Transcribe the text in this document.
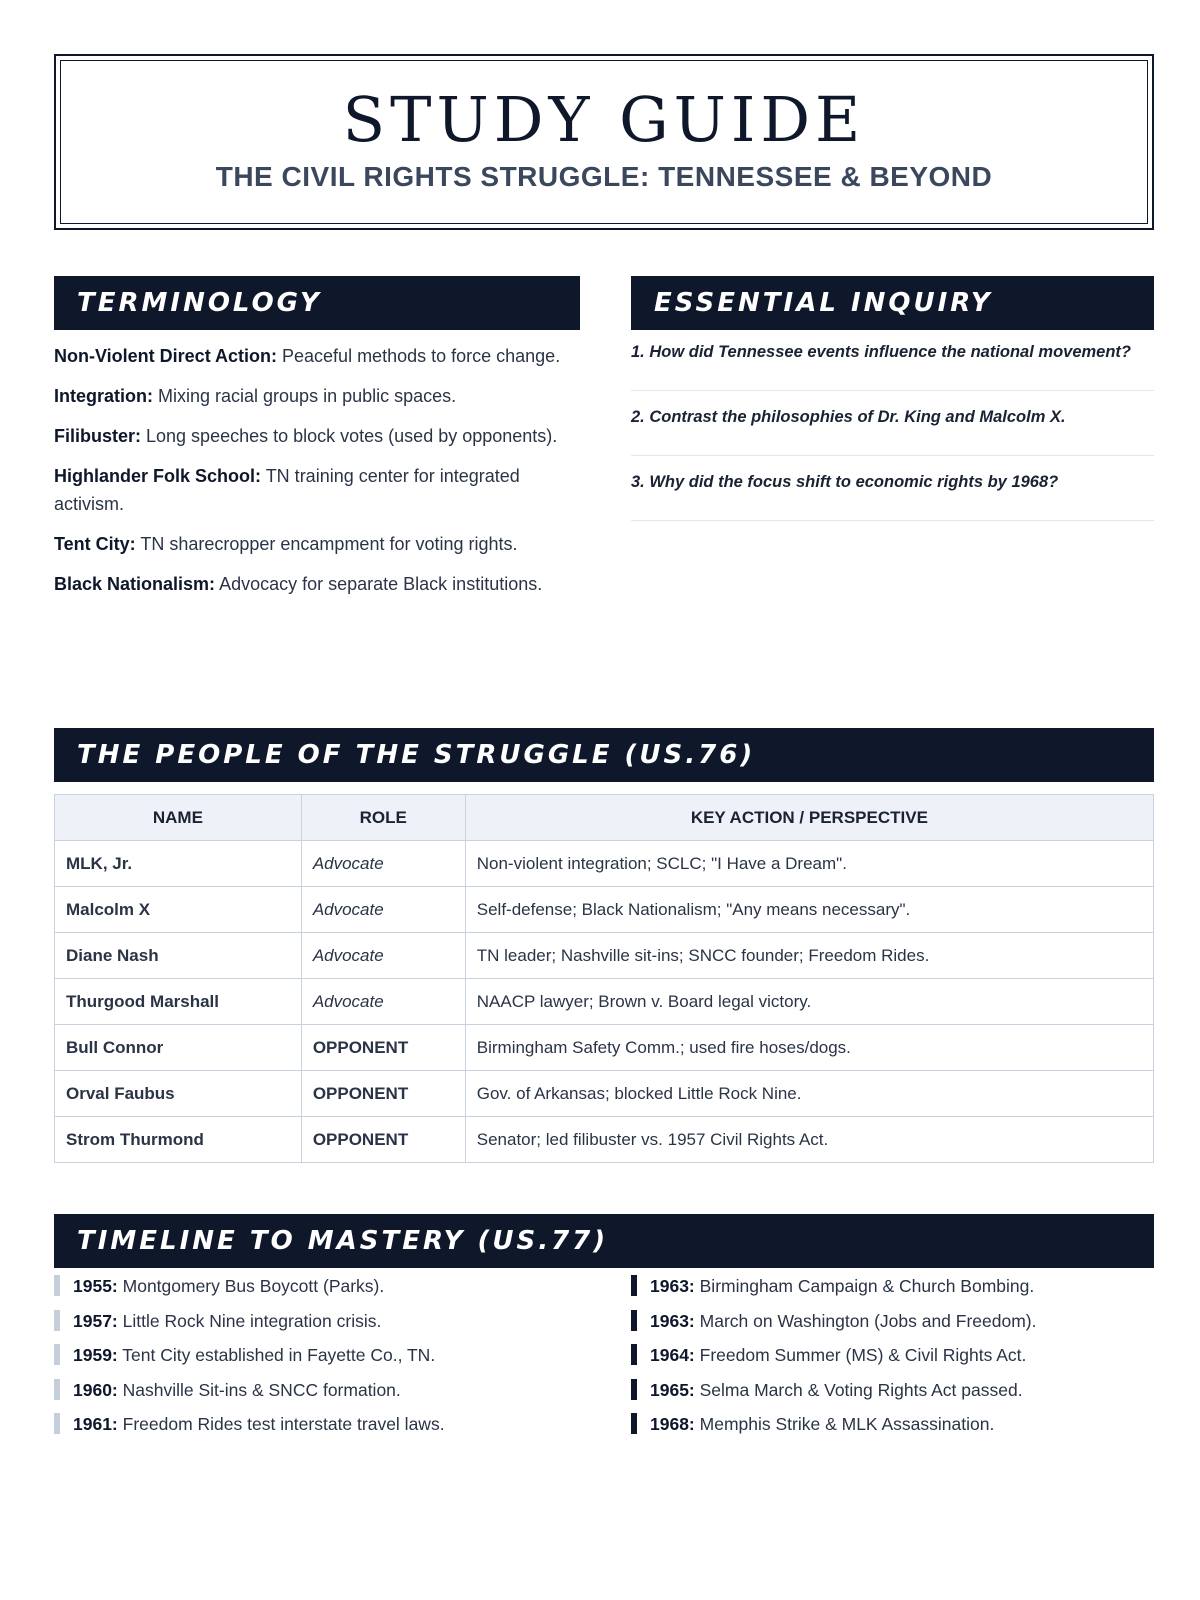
STUDY GUIDE
THE CIVIL RIGHTS STRUGGLE: TENNESSEE & BEYOND
TERMINOLOGY	ESSENTIAL INQUIRY
Non-Violent Direct Action: Peaceful methods to force change.
Integration: Mixing racial groups in public spaces.
Filibuster: Long speeches to block votes (used by opponents).
Highlander Folk School: TN training center for integrated activism.
Tent City: TN sharecropper encampment for voting rights.
Black Nationalism: Advocacy for separate Black institutions.
1. How did Tennessee events influence the national movement?
2. Contrast the philosophies of Dr. King and Malcolm X.
3. Why did the focus shift to economic rights by 1968?
THE PEOPLE OF THE STRUGGLE (US.76)
NAME	ROLE	KEY ACTION / PERSPECTIVE
MLK, Jr.	Advocate	Non-violent integration; SCLC; "I Have a Dream".
Malcolm X	Advocate	Self-defense; Black Nationalism; "Any means necessary".
Diane Nash	Advocate	TN leader; Nashville sit-ins; SNCC founder; Freedom Rides.
Thurgood Marshall	Advocate	NAACP lawyer; Brown v. Board legal victory.
Bull Connor	OPPONENT	Birmingham Safety Comm.; used fire hoses/dogs.
Orval Faubus	OPPONENT	Gov. of Arkansas; blocked Little Rock Nine.
Strom Thurmond	OPPONENT	Senator; led filibuster vs. 1957 Civil Rights Act.
TIMELINE TO MASTERY (US.77)
1955: Montgomery Bus Boycott (Parks).
1957: Little Rock Nine integration crisis.
1959: Tent City established in Fayette Co., TN.
1960: Nashville Sit-ins & SNCC formation.
1961: Freedom Rides test interstate travel laws.
1963: Birmingham Campaign & Church Bombing.
1963: March on Washington (Jobs and Freedom).
1964: Freedom Summer (MS) & Civil Rights Act.
1965: Selma March & Voting Rights Act passed.
1968: Memphis Strike & MLK Assassination.
